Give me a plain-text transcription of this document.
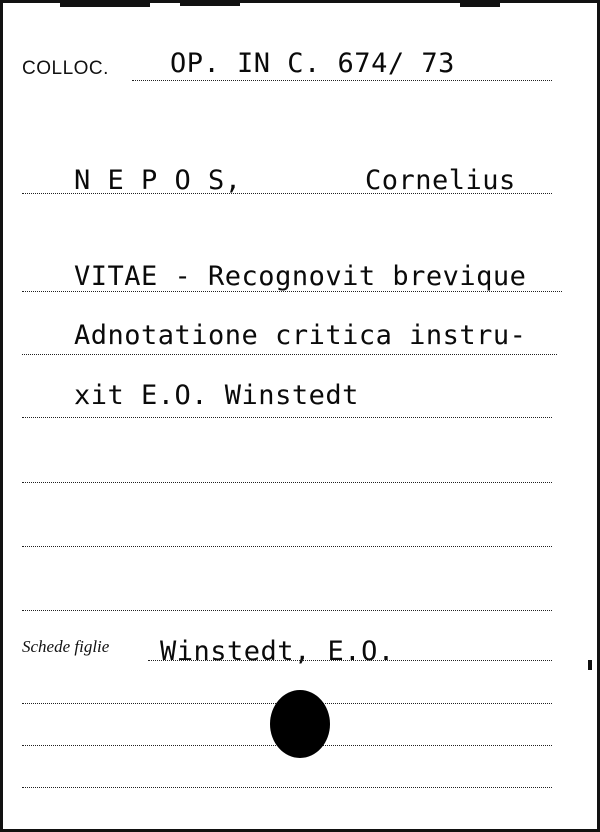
COLLOC. OP. IN C. 674/ 73
N E P O S,	Cornelius
VITAE - Recognovit brevique
Adnotatione critica instru-
xit E.O. Winstedt
Schede figlie Winstedt, E.O.
